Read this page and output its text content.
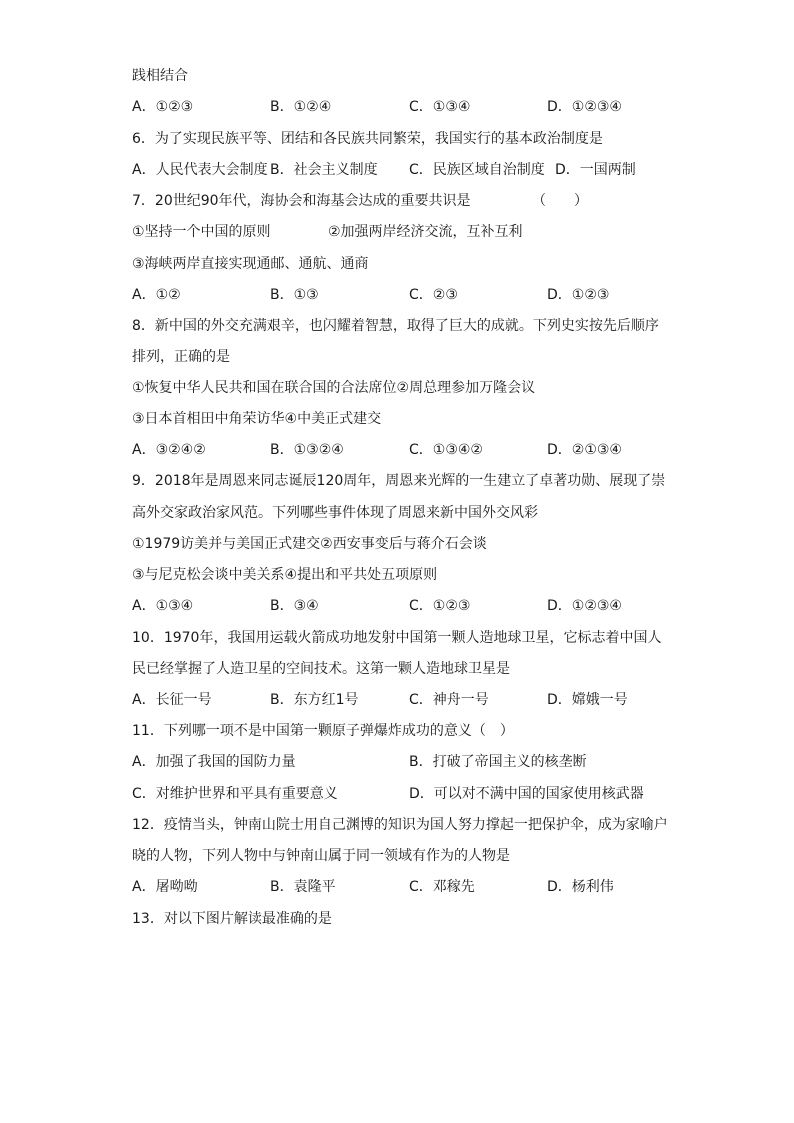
践相结合
A．①②③	B．①②④	C．①③④	D．①②③④
6．为了实现民族平等、团结和各民族共同繁荣，我国实行的基本政治制度是
A．人民代表大会制度 B．社会主义制度 C．民族区域自治制度 D．一国两制
7．20世纪90年代，海协会和海基会达成的重要共识是	（　　）
①坚持一个中国的原则	②加强两岸经济交流，互补互利
③海峡两岸直接实现通邮、通航、通商
A．①②	B．①③	C．②③	D．①②③
8．新中国的外交充满艰辛，也闪耀着智慧，取得了巨大的成就。下列史实按先后顺序
排列，正确的是
①恢复中华人民共和国在联合国的合法席位②周总理参加万隆会议
③日本首相田中角荣访华④中美正式建交
A．③②④②	B．①③②④	C．①③④②	D．②①③④
9．2018年是周恩来同志诞辰120周年，周恩来光辉的一生建立了卓著功勋、展现了崇
高外交家政治家风范。下列哪些事件体现了周恩来新中国外交风彩
①1979访美并与美国正式建交②西安事变后与蒋介石会谈
③与尼克松会谈中美关系④提出和平共处五项原则
A．①③④	B．③④	C．①②③	D．①②③④
10．1970年，我国用运载火箭成功地发射中国第一颗人造地球卫星，它标志着中国人
民已经掌握了人造卫星的空间技术。这第一颗人造地球卫星是
A．长征一号	B．东方红1号	C．神舟一号	D．嫦娥一号
11．下列哪一项不是中国第一颗原子弹爆炸成功的意义（　）
A．加强了我国的国防力量	B．打破了帝国主义的核垄断
C．对维护世界和平具有重要意义	D．可以对不满中国的国家使用核武器
12．疫情当头，钟南山院士用自己渊博的知识为国人努力撑起一把保护伞，成为家喻户
晓的人物，下列人物中与钟南山属于同一领域有作为的人物是
A．屠呦呦	B．袁隆平	C．邓稼先	D．杨利伟
13．对以下图片解读最准确的是
